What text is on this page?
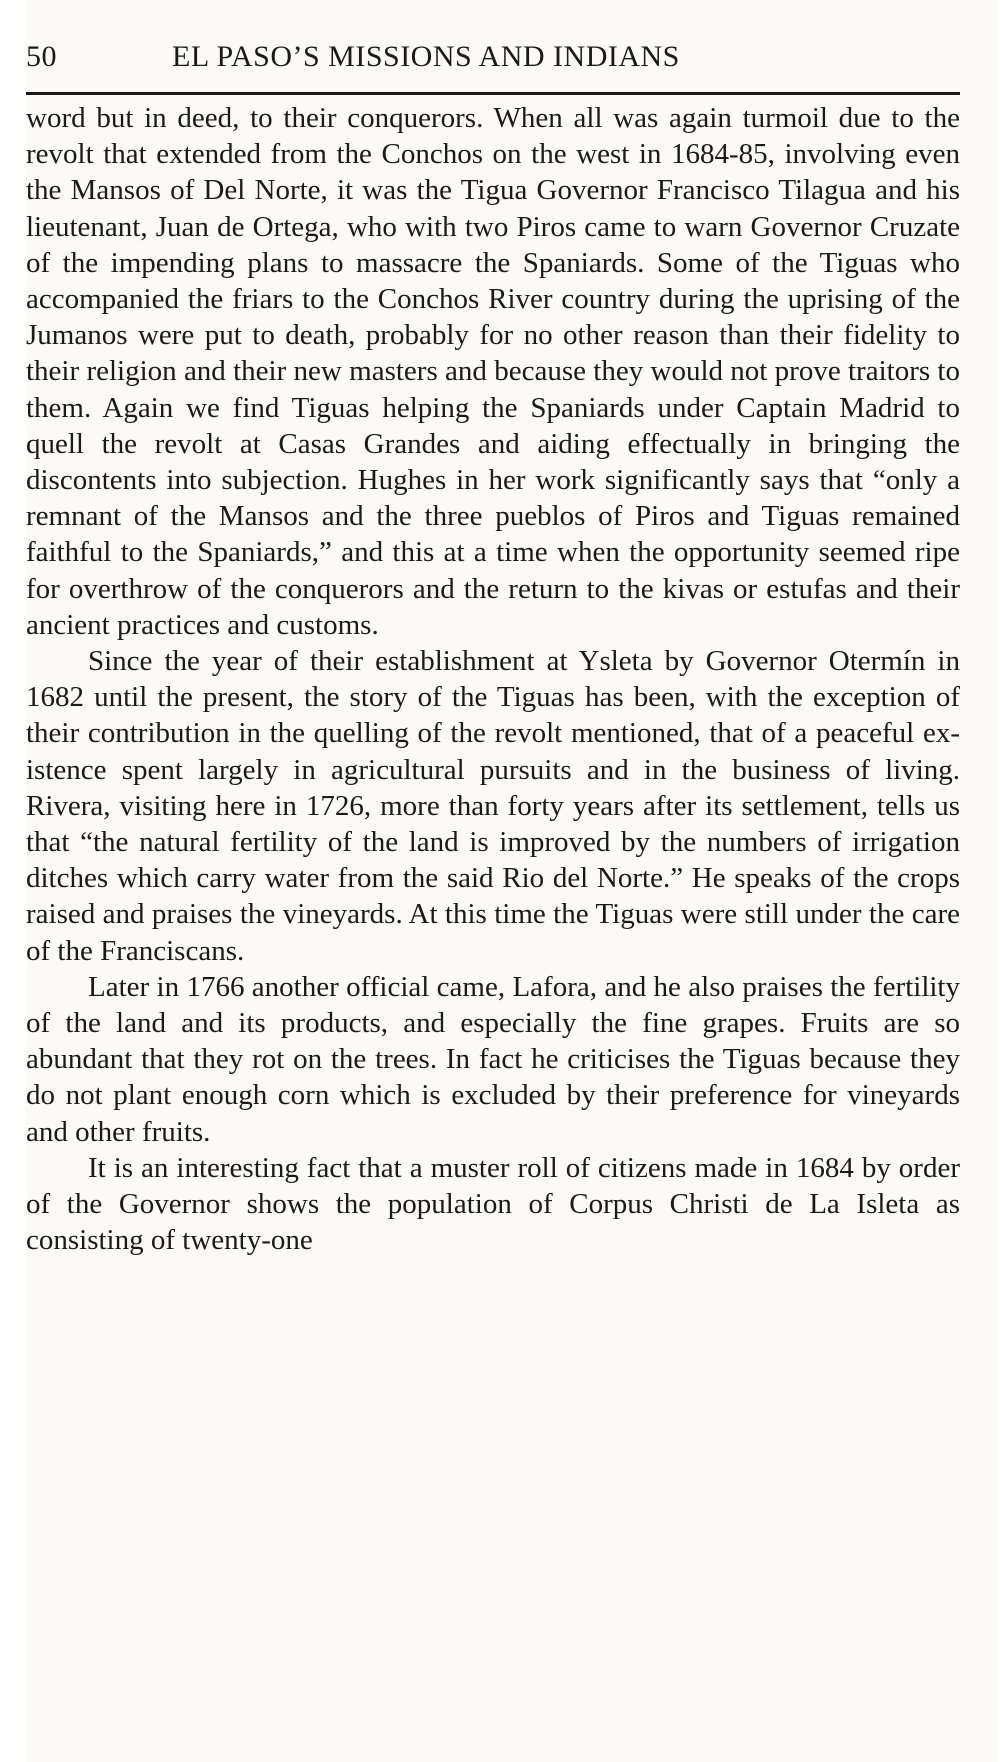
50	EL PASO’S MISSIONS AND INDIANS

word but in deed, to their conquerors. When all was again turmoil due to the revolt that extended from the Conchos on the west in 1684-85, involving even the Mansos of Del Norte, it was the Tigua Governor Francisco Tilagua and his lieutenant, Juan de Ortega, who with two Piros came to warn Governor Cruzate of the impending plans to massacre the Spaniards. Some of the Tiguas who accompanied the friars to the Conchos River country during the uprising of the Jumanos were put to death, probably for no other reason than their fidelity to their religion and their new masters and because they would not prove traitors to them. Again we find Tiguas helping the Spaniards under Captain Madrid to quell the revolt at Casas Grandes and aiding effectually in bringing the discontents into subjection. Hughes in her work significantly says that “only a remnant of the Mansos and the three pueblos of Piros and Tiguas remained faithful to the Spaniards,” and this at a time when the opportunity seemed ripe for overthrow of the conquerors and the return to the kivas or estufas and their ancient practices and customs.

Since the year of their establishment at Ysleta by Governor Otermín in 1682 until the present, the story of the Tiguas has been, with the exception of their contribution in the quelling of the revolt mentioned, that of a peaceful existence spent largely in agricultural pursuits and in the business of living. Rivera, visiting here in 1726, more than forty years after its settlement, tells us that “the natural fertility of the land is improved by the numbers of irrigation ditches which carry water from the said Rio del Norte.” He speaks of the crops raised and praises the vineyards. At this time the Tiguas were still under the care of the Franciscans.

Later in 1766 another official came, Lafora, and he also praises the fertility of the land and its products, and especially the fine grapes. Fruits are so abundant that they rot on the trees. In fact he criticises the Tiguas because they do not plant enough corn which is excluded by their preference for vineyards and other fruits.

It is an interesting fact that a muster roll of citizens made in 1684 by order of the Governor shows the population of Corpus Christi de La Isleta as consisting of twenty-one
